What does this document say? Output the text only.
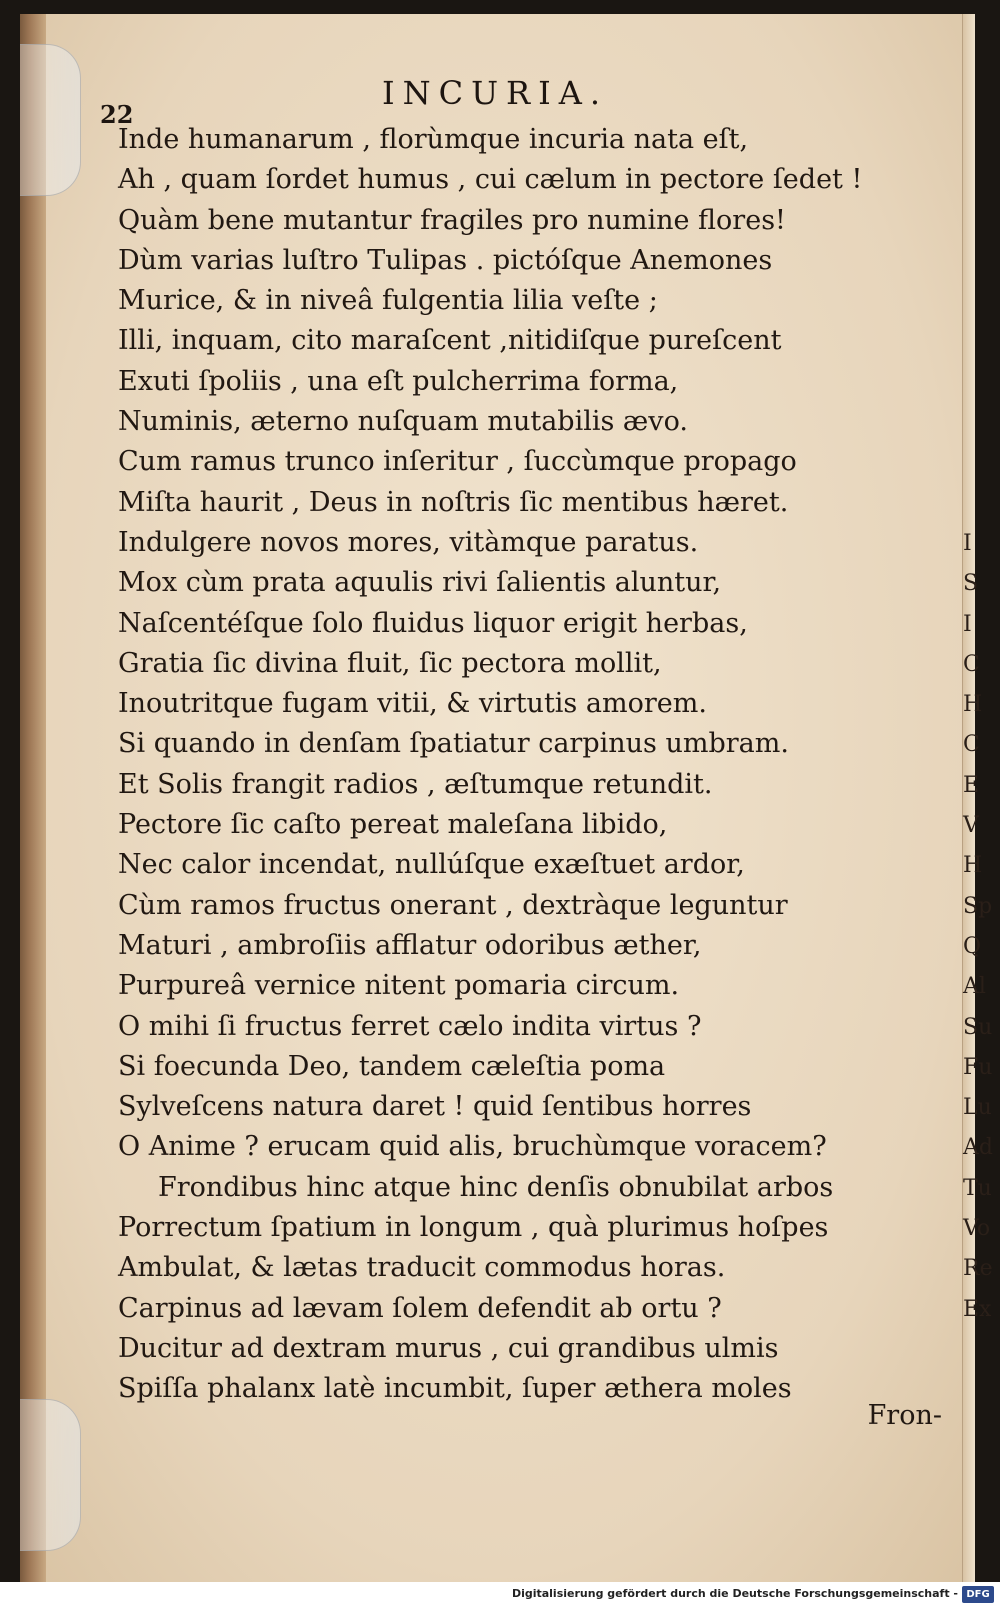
I
S
I
C
H
C
E
V
H
Sp
Q
Al
Su
Fu
Lu
Ad
Tu
Vo
Re
Ex
22
INCURIA.
Inde humanarum , florùmque incuria nata eſt,
Ah , quam ſordet humus , cui cælum in pectore ſedet !
Quàm bene mutantur fragiles pro numine flores!
Dùm varias luſtro Tulipas . pictóſque Anemones
Murice, & in niveâ fulgentia lilia veſte ;
Illi, inquam, cito maraſcent ,nitidiſque pureſcent
Exuti ſpoliis , una eſt pulcherrima forma,
Numinis, æterno nuſquam mutabilis ævo.
Cum ramus trunco inſeritur , ſuccùmque propago
Miſta haurit , Deus in noſtris ſic mentibus hæret.
Indulgere novos mores, vitàmque paratus.
Mox cùm prata aquulis rivi ſalientis aluntur,
Naſcentéſque ſolo fluidus liquor erigit herbas,
Gratia ſic divina fluit, ſic pectora mollit,
Inoutritque fugam vitii, & virtutis amorem.
Si quando in denſam ſpatiatur carpinus umbram.
Et Solis frangit radios , æſtumque retundit.
Pectore ſic caſto pereat maleſana libido,
Nec calor incendat, nullúſque exæſtuet ardor,
Cùm ramos fructus onerant , dextràque leguntur
Maturi , ambroſiis afflatur odoribus æther,
Purpureâ vernice nitent pomaria circum.
O mihi ſi fructus ferret cælo indita virtus ?
Si foecunda Deo, tandem cæleſtia poma
Sylveſcens natura daret ! quid ſentibus horres
O Anime ? erucam quid alis, bruchùmque voracem?
Frondibus hinc atque hinc denſis obnubilat arbos
Porrectum ſpatium in longum , quà plurimus hoſpes
Ambulat, & lætas traducit commodus horas.
Carpinus ad lævam ſolem defendit ab ortu ?
Ducitur ad dextram murus , cui grandibus ulmis
Spiſſa phalanx latè incumbit, ſuper æthera moles
Fron-
Digitalisierung gefördert durch die Deutsche Forschungsgemeinschaft - DFG
